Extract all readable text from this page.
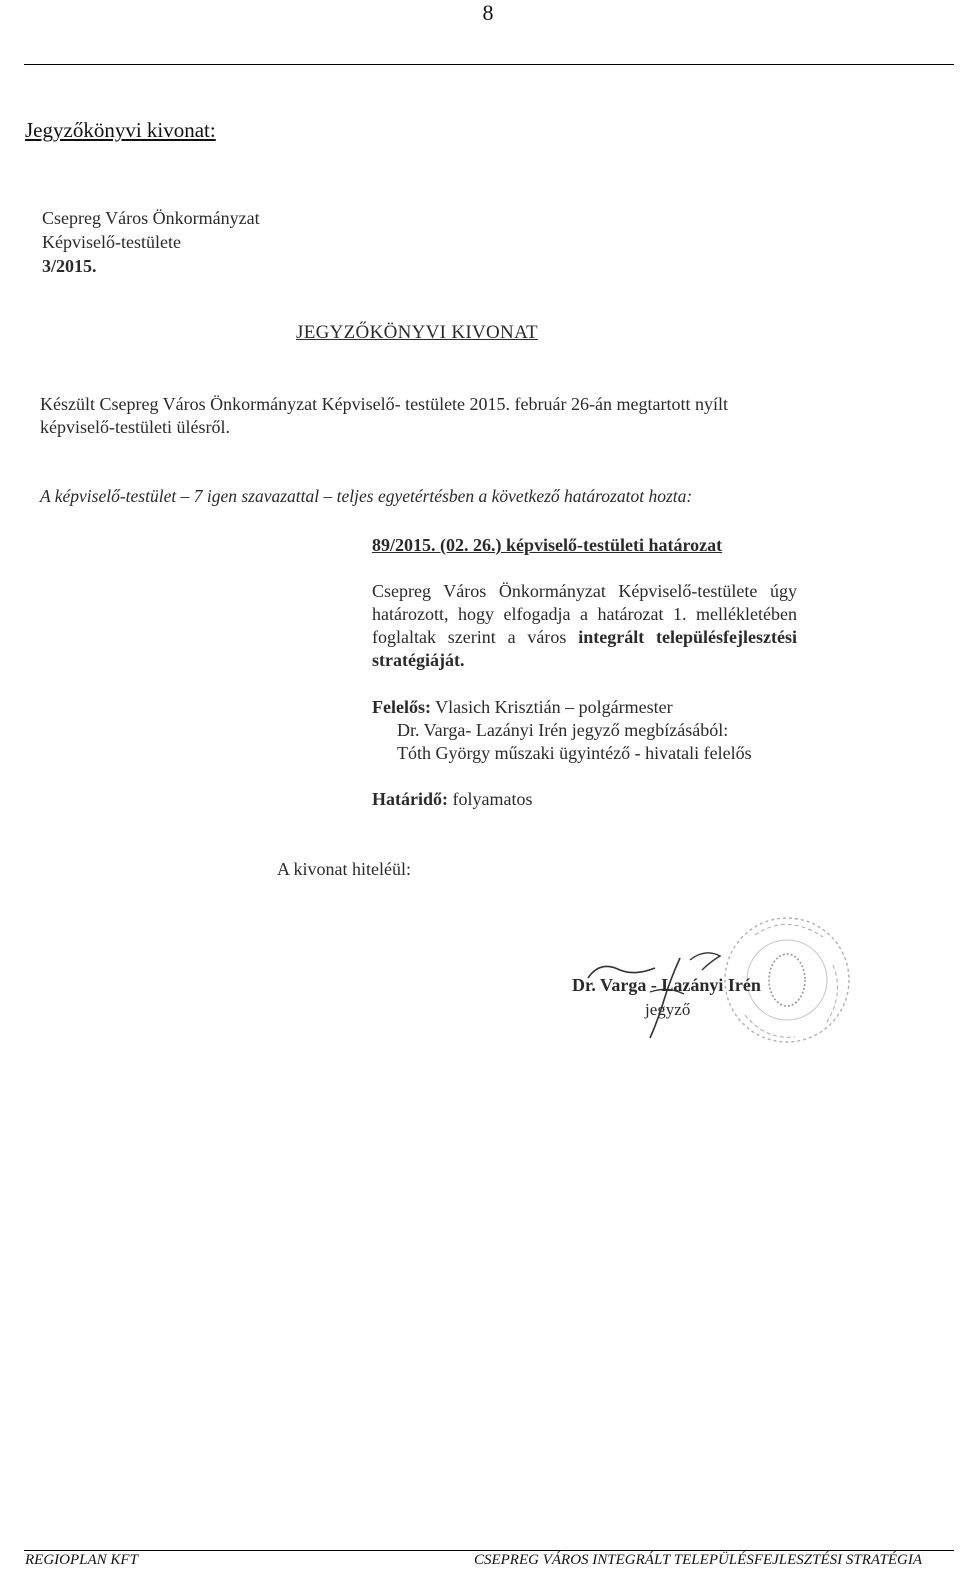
8
Jegyzőkönyvi kivonat:
Csepreg Város Önkormányzat
Képviselő-testülete
3/2015.
JEGYZŐKÖNYVI KIVONAT

Készült Csepreg Város Önkormányzat Képviselő- testülete 2015. február 26-án megtartott nyílt képviselő-testületi ülésről.

A képviselő-testület – 7 igen szavazattal – teljes egyetértésben a következő határozatot hozta:

89/2015. (02. 26.) képviselő-testületi határozat

Csepreg Város Önkormányzat Képviselő-testülete úgy határozott, hogy elfogadja a határozat 1. mellékletében foglaltak szerint a város integrált településfejlesztési stratégiáját.

Felelős: Vlasich Krisztián – polgármester
Dr. Varga- Lazányi Irén jegyző megbízásából:
Tóth György műszaki ügyintéző - hivatali felelős
Határidő: folyamatos
A kivonat hiteléül:
Dr. Varga - Lazányi Irén
jegyző
REGIOPLAN KFT	CSEPREG VÁROS INTEGRÁLT TELEPÜLÉSFEJLESZTÉSI STRATÉGIA
